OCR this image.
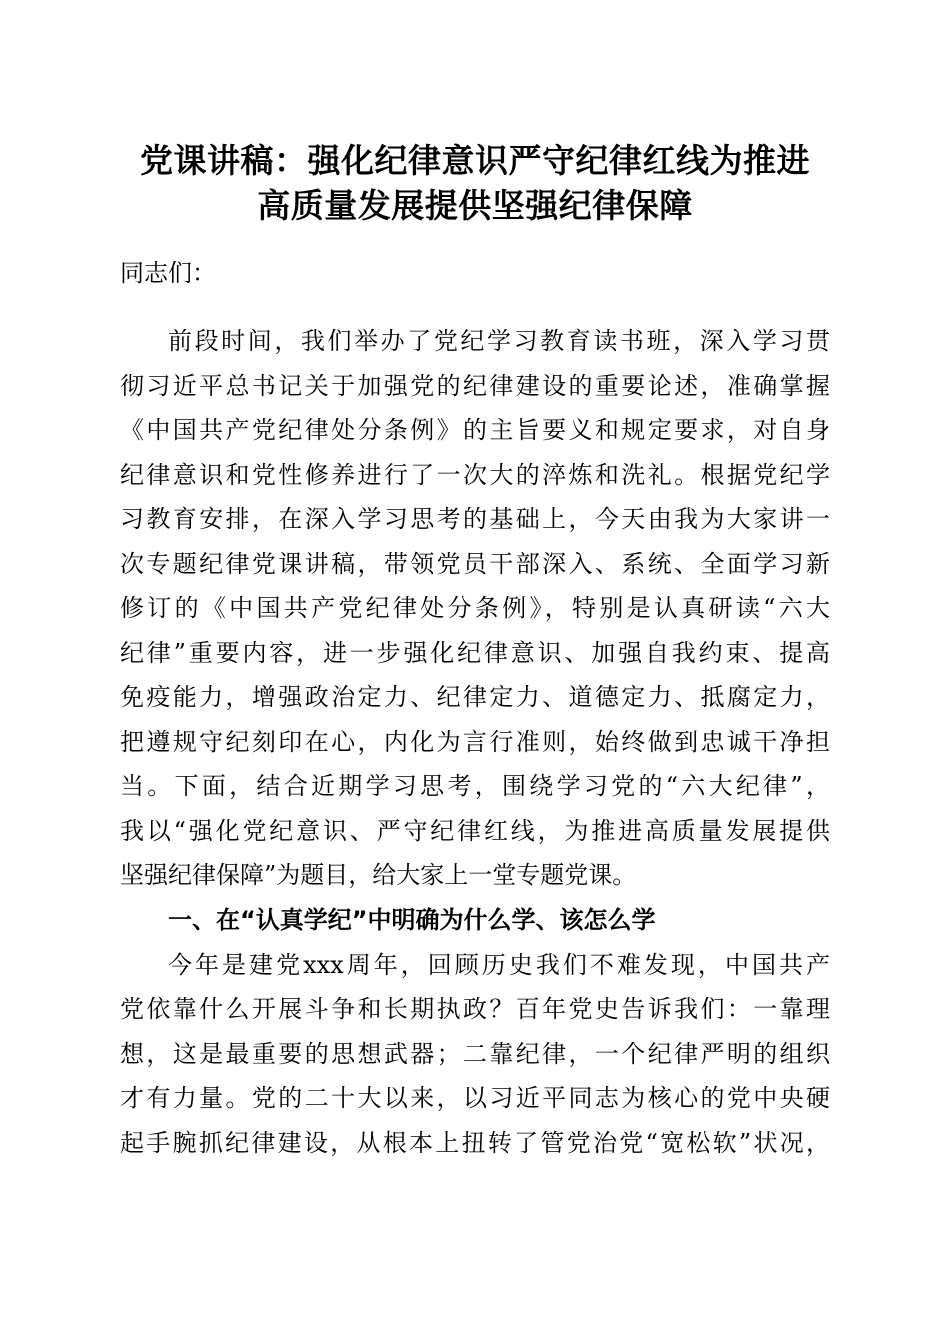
党课讲稿：强化纪律意识严守纪律红线为推进
高质量发展提供坚强纪律保障
同志们：
前段时间，我们举办了党纪学习教育读书班，深入学习贯
彻习近平总书记关于加强党的纪律建设的重要论述，准确掌握
《中国共产党纪律处分条例》的主旨要义和规定要求，对自身
纪律意识和党性修养进行了一次大的淬炼和洗礼。根据党纪学
习教育安排，在深入学习思考的基础上，今天由我为大家讲一
次专题纪律党课讲稿，带领党员干部深入、系统、全面学习新
修订的《中国共产党纪律处分条例》，特别是认真研读“六大
纪律”重要内容，进一步强化纪律意识、加强自我约束、提高
免疫能力，增强政治定力、纪律定力、道德定力、抵腐定力，
把遵规守纪刻印在心，内化为言行准则，始终做到忠诚干净担
当。下面，结合近期学习思考，围绕学习党的“六大纪律”，
我以“强化党纪意识、严守纪律红线，为推进高质量发展提供
坚强纪律保障”为题目，给大家上一堂专题党课。
一、在“认真学纪”中明确为什么学、该怎么学
今年是建党xxx周年，回顾历史我们不难发现，中国共产
党依靠什么开展斗争和长期执政？百年党史告诉我们：一靠理
想，这是最重要的思想武器；二靠纪律，一个纪律严明的组织
才有力量。党的二十大以来，以习近平同志为核心的党中央硬
起手腕抓纪律建设，从根本上扭转了管党治党“宽松软”状况，
